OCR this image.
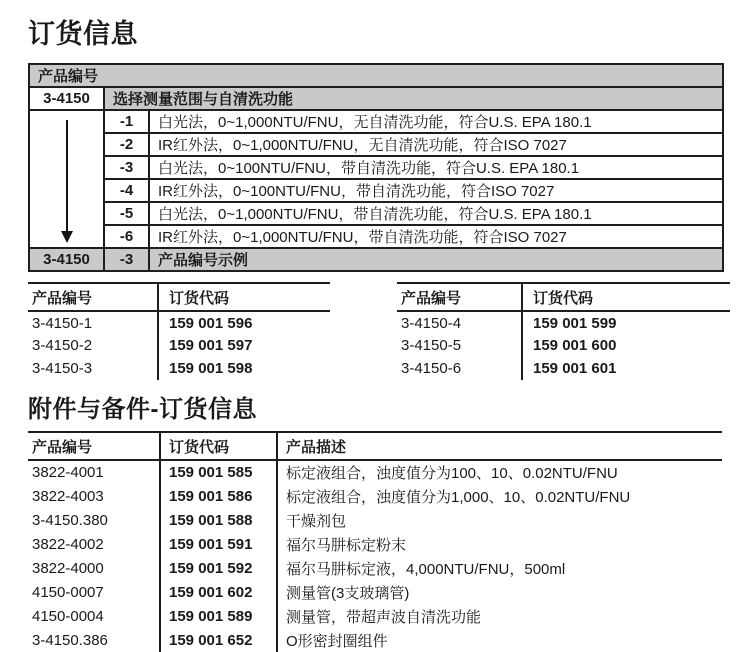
订货信息
产品编号		
3-4150	选择测量范围与自清洗功能	

	-1	白光法，0~1,000NTU/FNU，无自清洗功能，符合U.S. EPA 180.1
	-2	IR红外法，0~1,000NTU/FNU，无自清洗功能，符合ISO 7027
	-3	白光法，0~100NTU/FNU，带自清洗功能，符合U.S. EPA 180.1
	-4	IR红外法，0~100NTU/FNU，带自清洗功能，符合ISO 7027
	-5	白光法，0~1,000NTU/FNU，带自清洗功能，符合U.S. EPA 180.1
	-6	IR红外法，0~1,000NTU/FNU，带自清洗功能，符合ISO 7027
3-4150	-3	产品编号示例
产品编号	订货代码
3-4150-1	159 001 596
3-4150-2	159 001 597
3-4150-3	159 001 598
产品编号	订货代码
3-4150-4	159 001 599
3-4150-5	159 001 600
3-4150-6	159 001 601
附件与备件-订货信息
产品编号	订货代码	产品描述
3822-4001	159 001 585	标定液组合，浊度值分为100、10、0.02NTU/FNU
3822-4003	159 001 586	标定液组合，浊度值分为1,000、10、0.02NTU/FNU
3-4150.380	159 001 588	干燥剂包
3822-4002	159 001 591	福尔马肼标定粉末
3822-4000	159 001 592	福尔马肼标定液，4,000NTU/FNU，500ml
4150-0007	159 001 602	测量管(3支玻璃管)
4150-0004	159 001 589	测量管，带超声波自清洗功能
3-4150.386	159 001 652	O形密封圈组件
